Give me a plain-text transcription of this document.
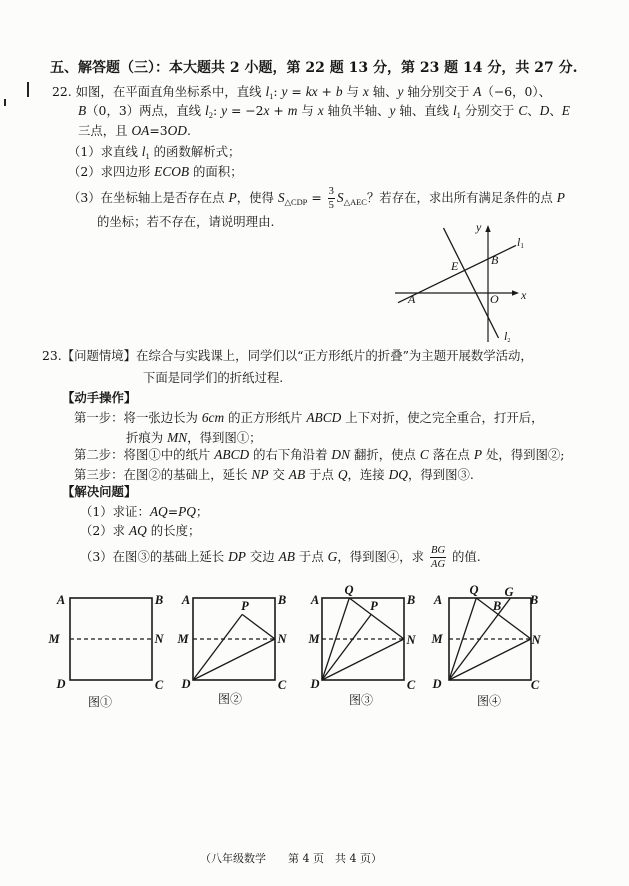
五、解答题（三）：本大题共 2 小题，第 22 题 13 分，第 23 题 14 分，共 27 分.
22. 如图，在平面直角坐标系中，直线 $l_1$: y = kx + b 与 x 轴、y 轴分别交于 A（−6，0）、
B（0，3）两点，直线 $l_2$: y = −2x + m 与 x 轴负半轴、y 轴、直线 $l_1$ 分别交于 C、D、E
三点，且 OA=3OD.
（1）求直线 $l_1$ 的函数解析式；
（2）求四边形 ECOB 的面积；
（3）在坐标轴上是否存在点 P，使得 $S_{\triangle CDP} = \frac{3}{5} S_{\triangle AEC}$？若存在，求出所有满足条件的点 P
的坐标；若不存在，请说明理由.	y
x
O
A
B
E
l1
l2
23.【问题情境】在综合与实践课上，同学们以“正方形纸片的折叠”为主题开展数学活动，
下面是同学们的折纸过程.
【动手操作】
第一步：将一张边长为 6cm 的正方形纸片 ABCD 上下对折，使之完全重合，打开后，
折痕为 MN，得到图①；
第二步：将图①中的纸片 ABCD 的右下角沿着 DN 翻折，使点 C 落在点 P 处，得到图②;
第三步：在图②的基础上，延长 NP 交 AB 于点 Q，连接 DQ，得到图③.
【解决问题】
（1）求证：AQ=PQ；
（2）求 AQ 的长度；
（3）在图③的基础上延长 DP 交边 AB 于点 G，得到图④，求 $\frac{BG}{AG}$ 的值.
A	B
M	N
D	C
图①
A	P B
M	N
D	C
图②
A
Q
P B
M	N
D	C
图③
A
Q
B
G
B
M	N
D	C
图④
（八年级数学　　第 4 页　共 4 页）
